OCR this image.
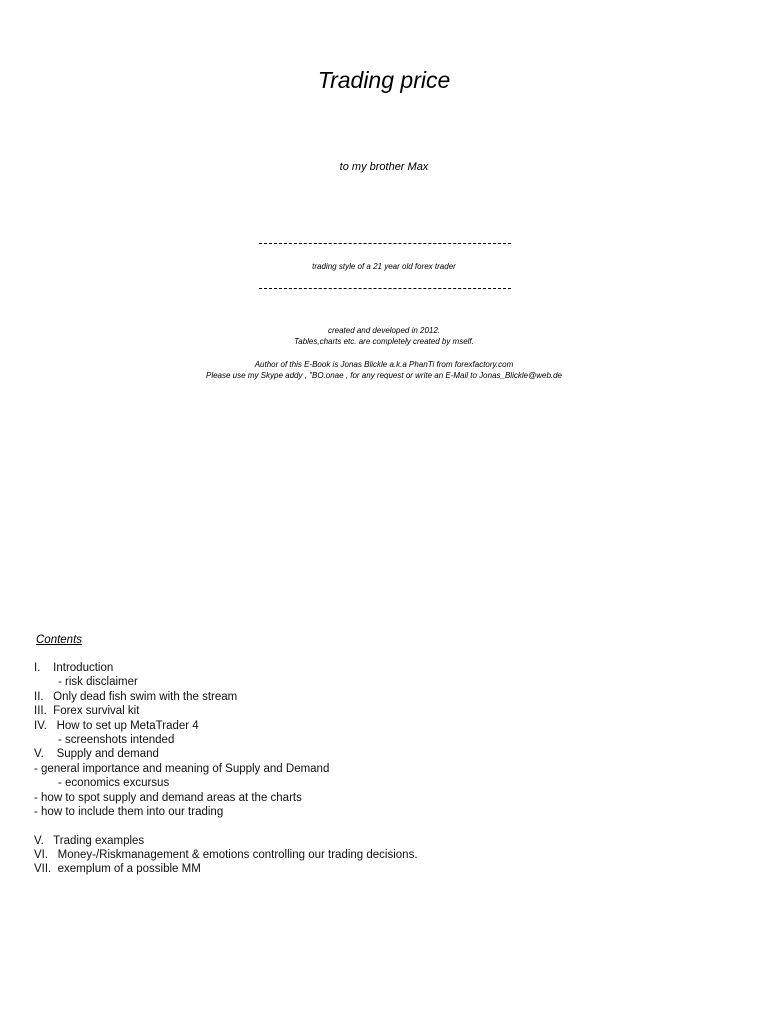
Trading price
to my brother Max
trading style of a 21 year old forex trader
created and developed in 2012.
Tables,charts etc. are completely created by mself.
Author of this E-Book is Jonas Blickle a.k.a PhanTi from forexfactory.com
Please use my Skype addy , "BO.onae , for any request or write an E-Mail to Jonas_Blickle@web.de
Contents
I.    Introduction
- risk disclaimer
II.   Only dead fish swim with the stream
III.  Forex survival kit
IV.   How to set up MetaTrader 4
- screenshots intended
V.    Supply and demand
- general importance and meaning of Supply and Demand
- economics excursus
- how to spot supply and demand areas at the charts
- how to include them into our trading
V.   Trading examples
VI.   Money-/Riskmanagement & emotions controlling our trading decisions.
VII.  exemplum of a possible MM
